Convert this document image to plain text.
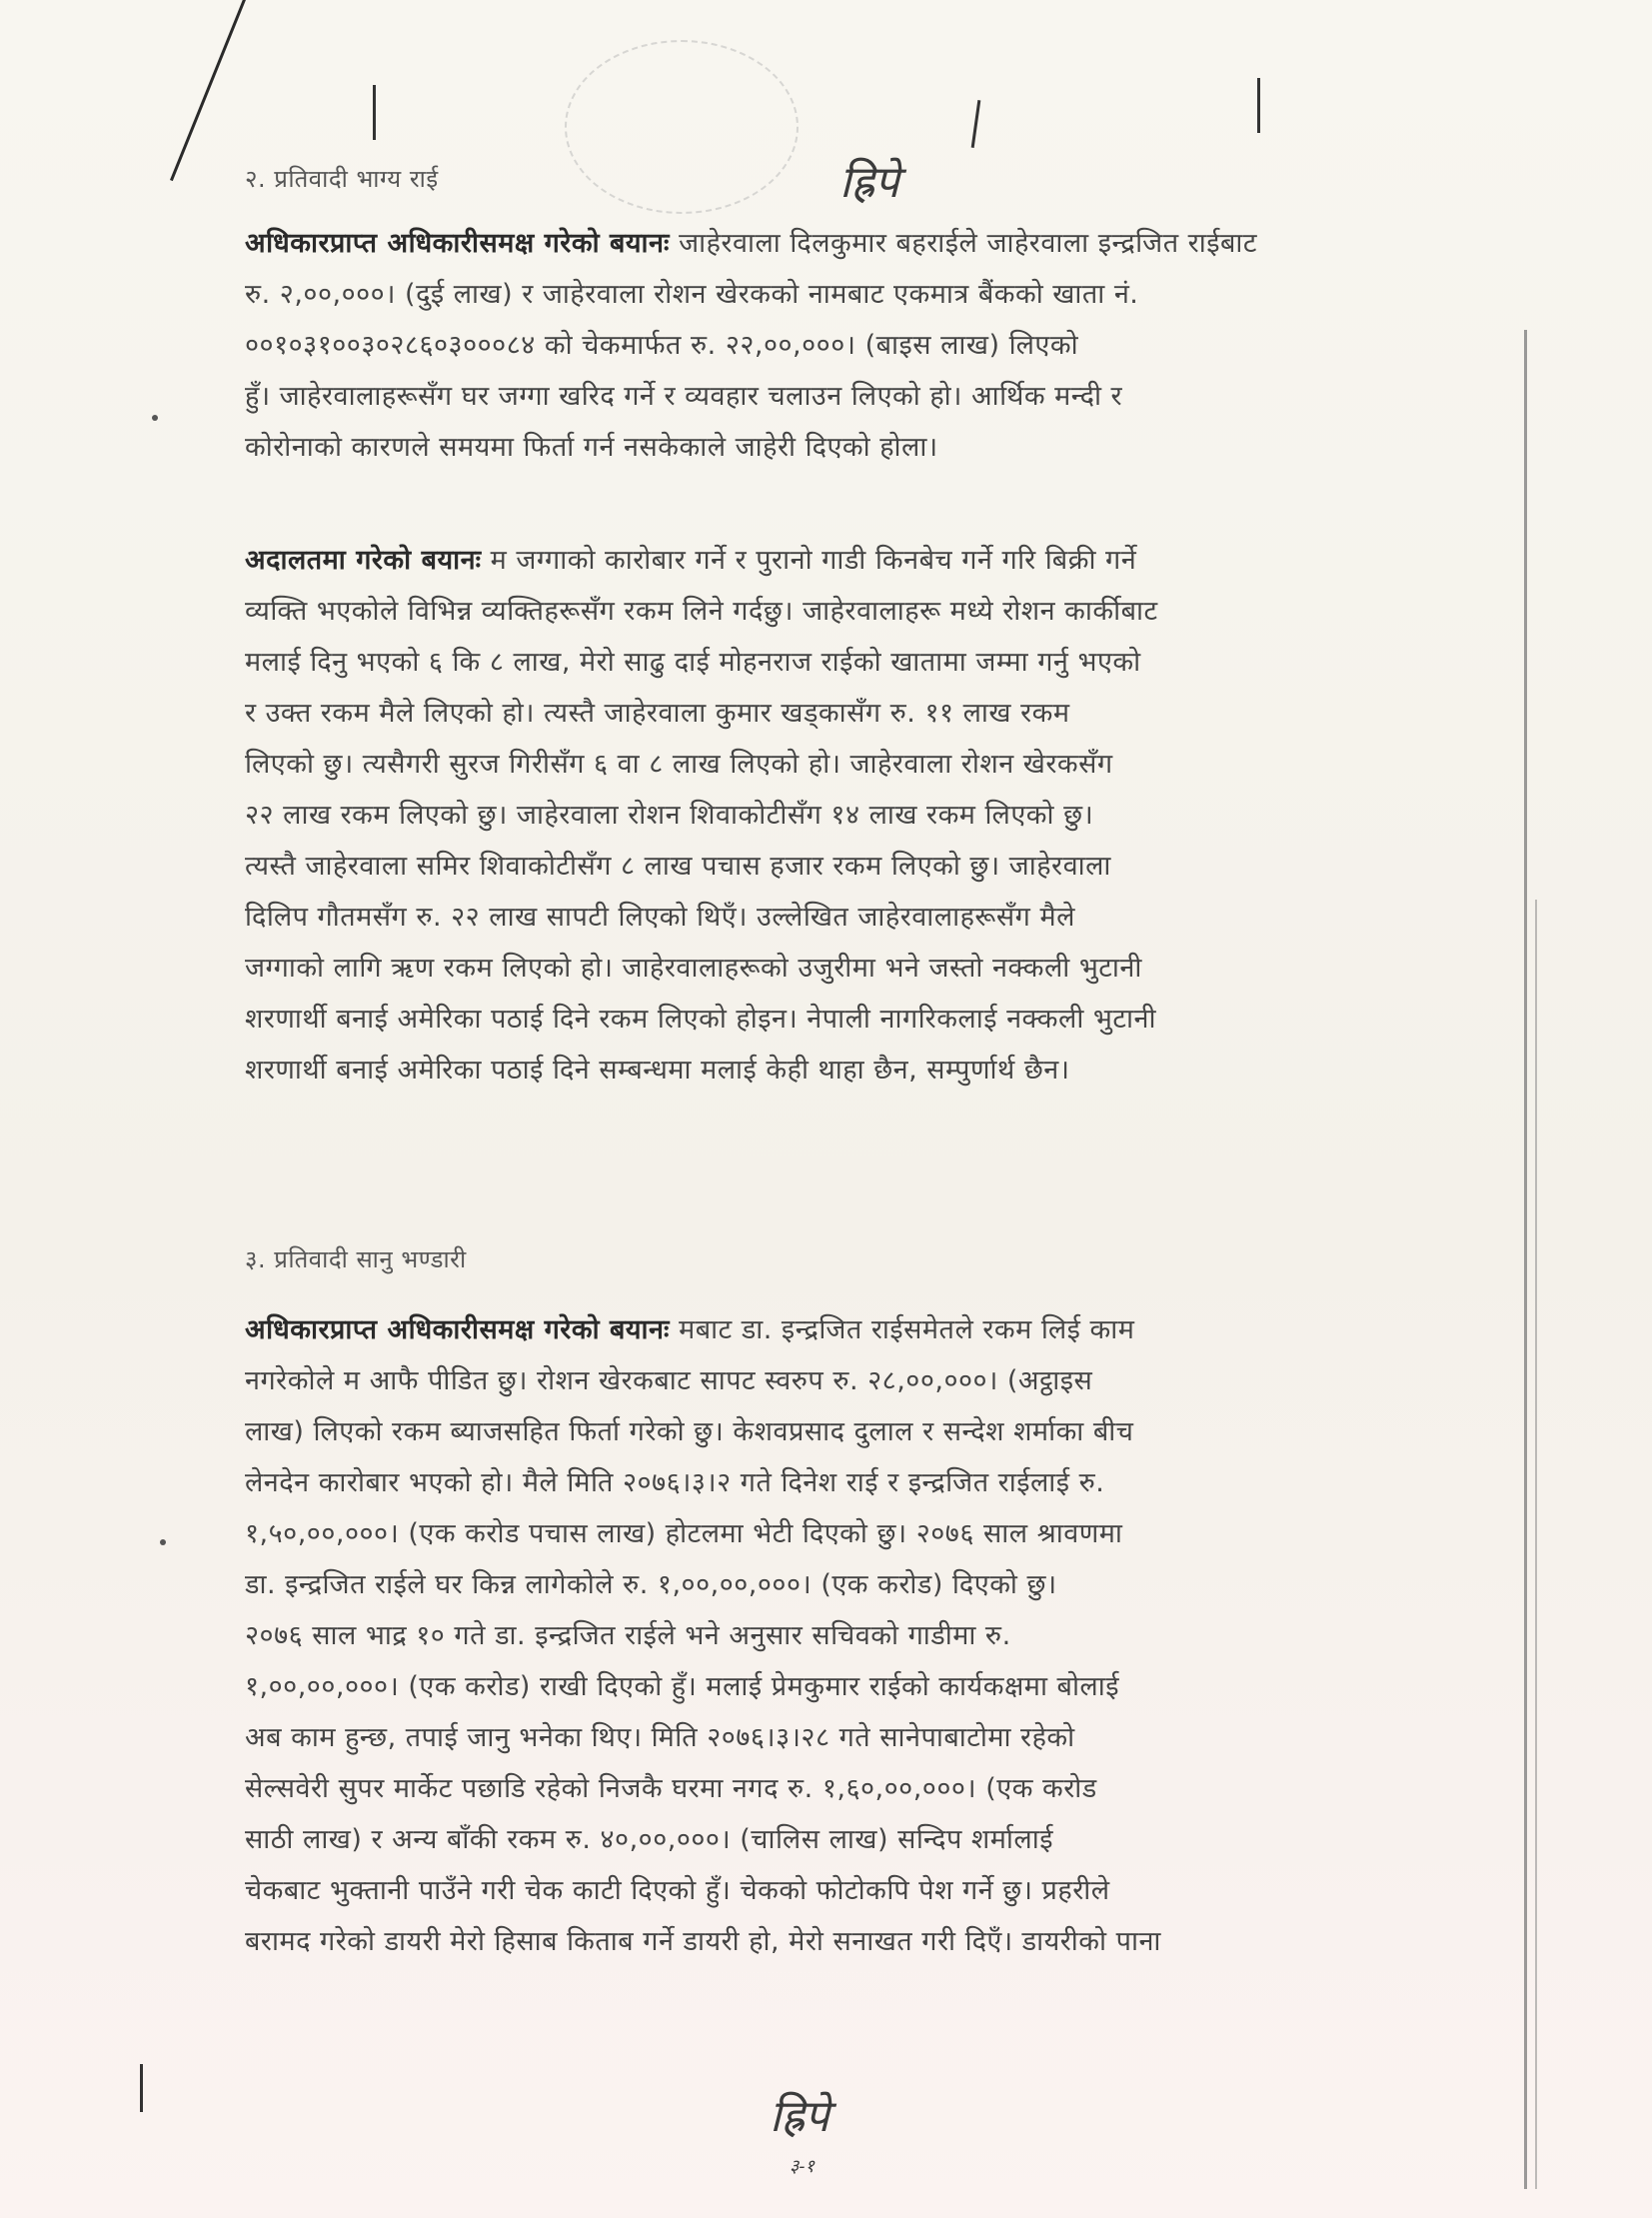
ह्रिपे
ह्रिपे
३-१
२. प्रतिवादी भाग्य राई
अधिकारप्राप्त अधिकारीसमक्ष गरेको बयानः जाहेरवाला दिलकुमार बहराईले जाहेरवाला इन्द्रजित राईबाट
रु. २,००,०००। (दुई लाख) र जाहेरवाला रोशन खेरकको नामबाट एकमात्र बैंकको खाता नं.
००१०३१००३०२८६०३०००८४ को चेकमार्फत रु. २२,००,०००। (बाइस लाख) लिएको
हुँ। जाहेरवालाहरूसँग घर जग्गा खरिद गर्ने र व्यवहार चलाउन लिएको हो। आर्थिक मन्दी र
कोरोनाको कारणले समयमा फिर्ता गर्न नसकेकाले जाहेरी दिएको होला।
अदालतमा गरेको बयानः म जग्गाको कारोबार गर्ने र पुरानो गाडी किनबेच गर्ने गरि बिक्री गर्ने
व्यक्ति भएकोले विभिन्न व्यक्तिहरूसँग रकम लिने गर्दछु। जाहेरवालाहरू मध्ये रोशन कार्कीबाट
मलाई दिनु भएको ६ कि ८ लाख, मेरो साढु दाई मोहनराज राईको खातामा जम्मा गर्नु भएको
र उक्त रकम मैले लिएको हो। त्यस्तै जाहेरवाला कुमार खड्कासँग रु. ११ लाख रकम
लिएको छु। त्यसैगरी सुरज गिरीसँग ६ वा ८ लाख लिएको हो। जाहेरवाला रोशन खेरकसँग
२२ लाख रकम लिएको छु। जाहेरवाला रोशन शिवाकोटीसँग १४ लाख रकम लिएको छु।
त्यस्तै जाहेरवाला समिर शिवाकोटीसँग ८ लाख पचास हजार रकम लिएको छु। जाहेरवाला
दिलिप गौतमसँग रु. २२ लाख सापटी लिएको थिएँ। उल्लेखित जाहेरवालाहरूसँग मैले
जग्गाको लागि ऋण रकम लिएको हो। जाहेरवालाहरूको उजुरीमा भने जस्तो नक्कली भुटानी
शरणार्थी बनाई अमेरिका पठाई दिने रकम लिएको होइन। नेपाली नागरिकलाई नक्कली भुटानी
शरणार्थी बनाई अमेरिका पठाई दिने सम्बन्धमा मलाई केही थाहा छैन, सम्पुर्णार्थ छैन।
३. प्रतिवादी सानु भण्डारी
अधिकारप्राप्त अधिकारीसमक्ष गरेको बयानः मबाट डा. इन्द्रजित राईसमेतले रकम लिई काम
नगरेकोले म आफै पीडित छु। रोशन खेरकबाट सापट स्वरुप रु. २८,००,०००। (अट्ठाइस
लाख) लिएको रकम ब्याजसहित फिर्ता गरेको छु। केशवप्रसाद दुलाल र सन्देश शर्माका बीच
लेनदेन कारोबार भएको हो। मैले मिति २०७६।३।२ गते दिनेश राई र इन्द्रजित राईलाई रु.
१,५०,००,०००। (एक करोड पचास लाख) होटलमा भेटी दिएको छु। २०७६ साल श्रावणमा
डा. इन्द्रजित राईले घर किन्न लागेकोले रु. १,००,००,०००। (एक करोड) दिएको छु।
२०७६ साल भाद्र १० गते डा. इन्द्रजित राईले भने अनुसार सचिवको गाडीमा रु.
१,००,००,०००। (एक करोड) राखी दिएको हुँ। मलाई प्रेमकुमार राईको कार्यकक्षमा बोलाई
अब काम हुन्छ, तपाई जानु भनेका थिए। मिति २०७६।३।२८ गते सानेपाबाटोमा रहेको
सेल्सवेरी सुपर मार्केट पछाडि रहेको निजकै घरमा नगद रु. १,६०,००,०००। (एक करोड
साठी लाख) र अन्य बाँकी रकम रु. ४०,००,०००। (चालिस लाख) सन्दिप शर्मालाई
चेकबाट भुक्तानी पाउँने गरी चेक काटी दिएको हुँ। चेकको फोटोकपि पेश गर्ने छु। प्रहरीले
बरामद गरेको डायरी मेरो हिसाब किताब गर्ने डायरी हो, मेरो सनाखत गरी दिएँ। डायरीको पाना
